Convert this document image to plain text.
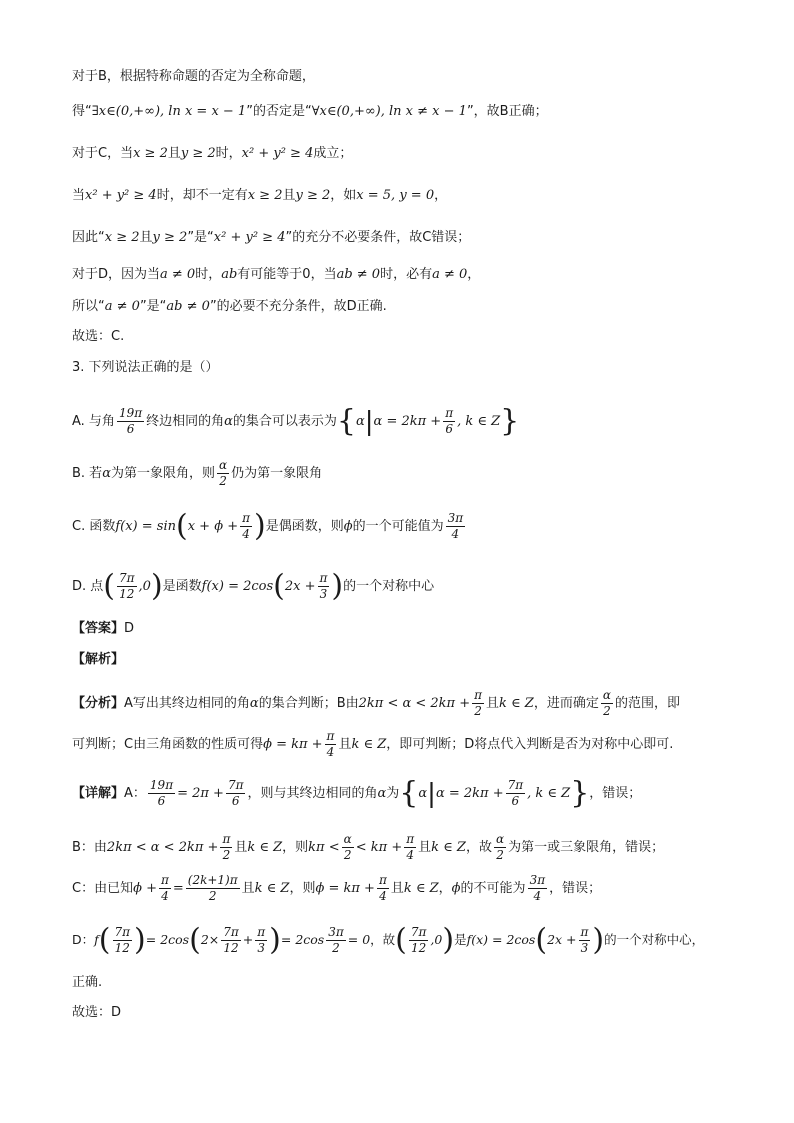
对于B，根据特称命题的否定为全称命题，
得“∃x∈(0,+∞), ln x = x − 1”的否定是“∀x∈(0,+∞), ln x ≠ x − 1”，故B正确；
对于C，当x ≥ 2且y ≥ 2时，x² + y² ≥ 4成立；
当x² + y² ≥ 4时，却不一定有x ≥ 2且y ≥ 2，如x = 5, y = 0，
因此“x ≥ 2且y ≥ 2”是“x² + y² ≥ 4”的充分不必要条件，故C错误；
对于D，因为当a ≠ 0时，ab有可能等于0，当ab ≠ 0时，必有a ≠ 0，
所以“a ≠ 0”是“ab ≠ 0”的必要不充分条件，故D正确.
故选：C.
3. 下列说法正确的是（）
A. 与角 $\frac{19\pi}{6}$ 终边相同的角α的集合可以表示为{$\alpha|\alpha = 2k\pi + \frac{\pi}{6}$ , k ∈ Z}
B. 若α为第一象限角，则 $\frac{\alpha}{2}$ 仍为第一象限角
C. 函数$f(x) = \sin(x + \phi + \frac{\pi}{4}$ )是偶函数，则ϕ的一个可能值为 $\frac{3\pi}{4}$
D. 点( $\frac{7\pi}{12} ,0$)是函数$f(x) = 2\cos(2x + \frac{\pi}{3}$ )的一个对称中心
【答案】D
【解析】
【分析】A写出其终边相同的角α的集合判断；B由$2k\pi < \alpha < 2k\pi + \frac{\pi}{2}$ 且k ∈ Z，进而确定 $\frac{\alpha}{2}$ 的范围，即
可判断；C由三角函数的性质可得$\phi = k\pi + \frac{\pi}{4}$ 且k ∈ Z，即可判断；D将点代入判断是否为对称中心即可.
【详解】A： $\frac{19\pi}{6} = 2\pi + \frac{7\pi}{6}$ ，则与其终边相同的角α为{$\alpha|\alpha = 2k\pi + \frac{7\pi}{6}$ , k ∈ Z}，错误；
B：由$2k\pi < \alpha < 2k\pi + \frac{\pi}{2}$ 且k ∈ Z，则$k\pi < \frac{\alpha}{2} < k\pi + \frac{\pi}{4}$ 且k ∈ Z，故 $\frac{\alpha}{2}$ 为第一或三象限角，错误；
C：由已知$\phi + \frac{\pi}{4} = \frac{(2k+1)\pi}{2}$ 且k ∈ Z，则$\phi = k\pi + \frac{\pi}{4}$ 且k ∈ Z，ϕ的不可能为 $\frac{3\pi}{4}$ ，错误；
D：$f( \frac{7\pi}{12}$ )= $2\cos(2\times \frac{7\pi}{12} + \frac{\pi}{3}$ )= $2\cos \frac{3\pi}{2} = 0$，故( $\frac{7\pi}{12} ,0$)是$f(x) = 2\cos(2x + \frac{\pi}{3}$ )的一个对称中心，
正确.
故选：D
